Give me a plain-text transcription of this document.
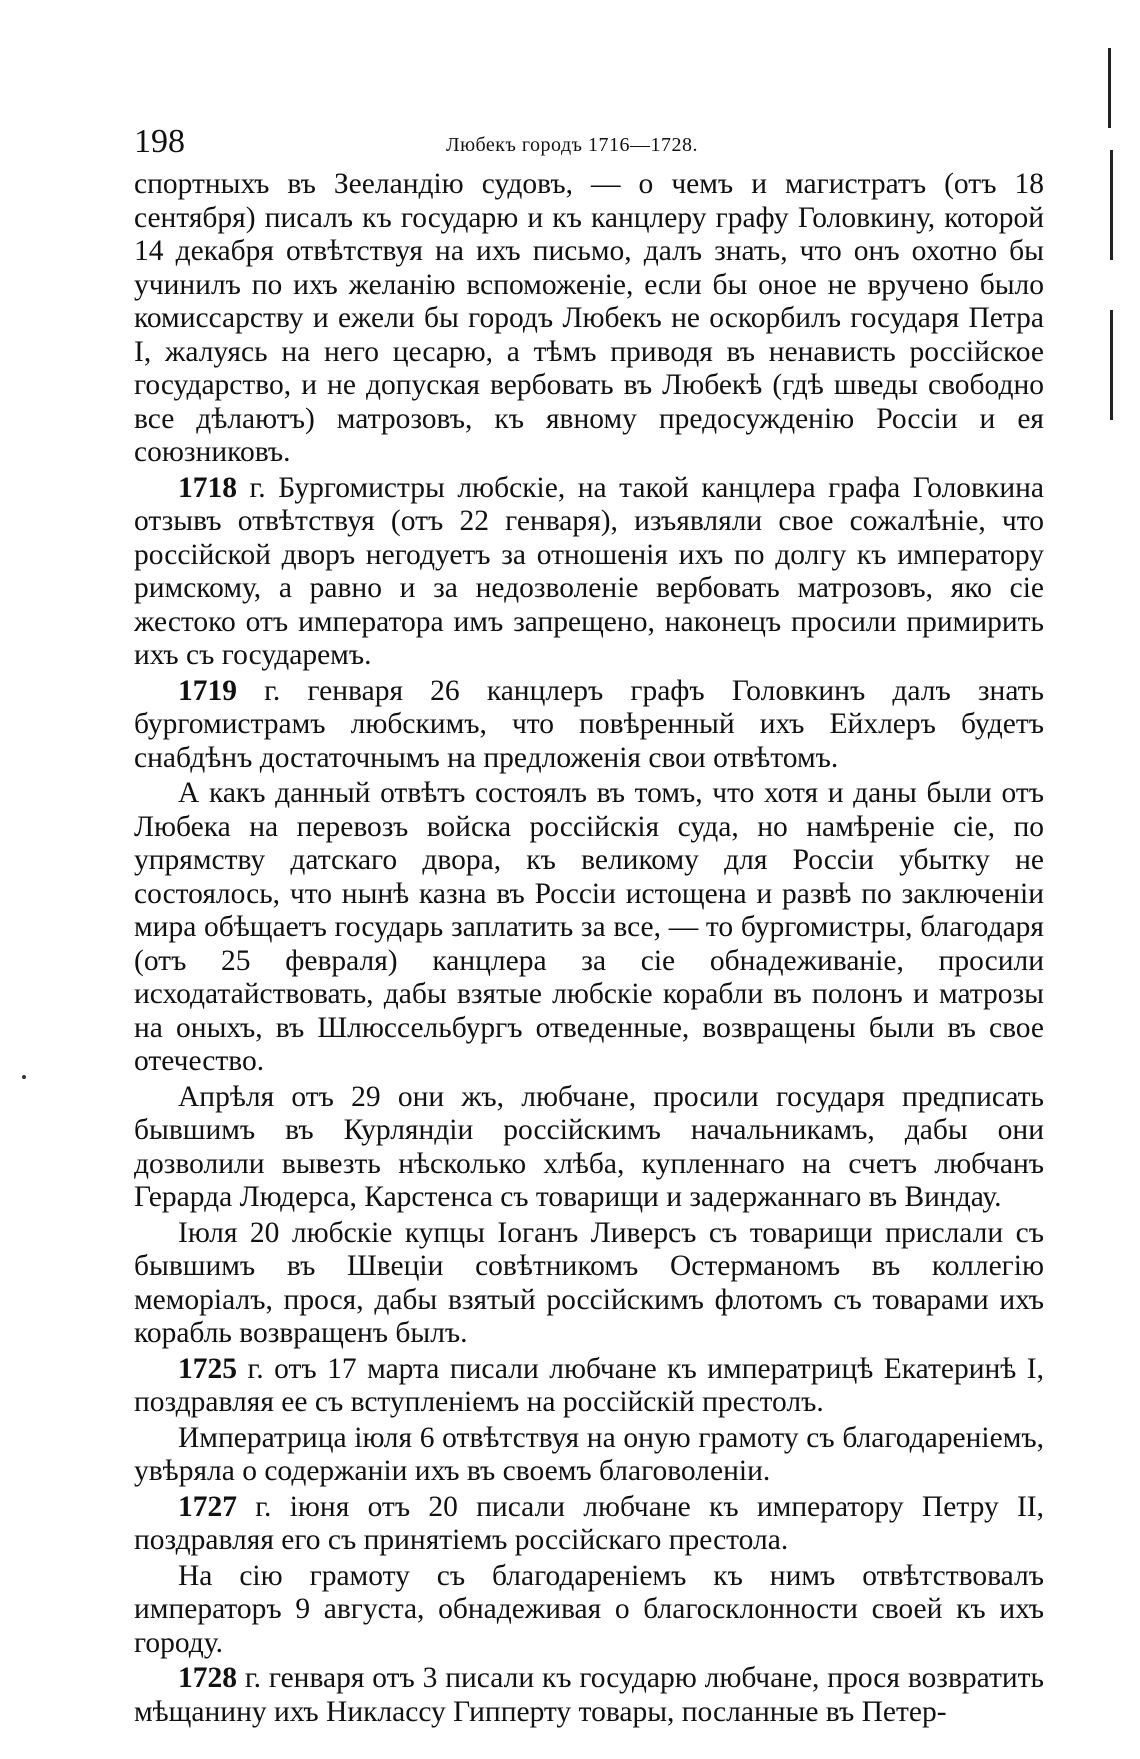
198	Любекъ городъ 1716—1728.

спортныхъ въ Зееландію судовъ, — о чемъ и магистратъ (отъ 18 сентября) писалъ къ государю и къ канцлеру графу Головкину, которой 14 декабря отвѣтствуя на ихъ письмо, далъ знать, что онъ охотно бы учинилъ по ихъ желанію вспоможеніе, если бы оное не вручено было комиссарству и ежели бы городъ Любекъ не оскорбилъ государя Петра I, жалуясь на него цесарю, а тѣмъ приводя въ ненависть россійское государство, и не допуская вербовать въ Любекѣ (гдѣ шведы свободно все дѣлаютъ) матрозовъ, къ явному предосужденію Россіи и ея союзниковъ.

1718 г. Бургомистры любскіе, на такой канцлера графа Головкина отзывъ отвѣтствуя (отъ 22 генваря), изъявляли свое сожалѣніе, что россійской дворъ негодуетъ за отношенія ихъ по долгу къ императору римскому, а равно и за недозволеніе вербовать матрозовъ, яко сіе жестоко отъ императора имъ запрещено, наконецъ просили примирить ихъ съ государемъ.

1719 г. генваря 26 канцлеръ графъ Головкинъ далъ знать бургомистрамъ любскимъ, что повѣренный ихъ Ейхлеръ будетъ снабдѣнъ достаточнымъ на предложенія свои отвѣтомъ.

А какъ данный отвѣтъ состоялъ въ томъ, что хотя и даны были отъ Любека на перевозъ войска россійскія суда, но намѣреніе сіе, по упрямству датскаго двора, къ великому для Россіи убытку не состоялось, что нынѣ казна въ Россіи истощена и развѣ по заключеніи мира обѣщаетъ государь заплатить за все, — то бургомистры, благодаря (отъ 25 февраля) канцлера за сіе обнадеживаніе, просили исходатайствовать, дабы взятые любскіе корабли въ полонъ и матрозы на оныхъ, въ Шлюссельбургъ отведенные, возвращены были въ свое отечество.

Апрѣля отъ 29 они жъ, любчане, просили государя предписать бывшимъ въ Курляндіи россійскимъ начальникамъ, дабы они дозволили вывезть нѣсколько хлѣба, купленнаго на счетъ любчанъ Герарда Людерса, Карстенса съ товарищи и задержаннаго въ Виндау.

Іюля 20 любскіе купцы Іоганъ Ливерсъ съ товарищи прислали съ бывшимъ въ Швеціи совѣтникомъ Остерманомъ въ коллегію меморіалъ, прося, дабы взятый россійскимъ флотомъ съ товарами ихъ корабль возвращенъ былъ.

1725 г. отъ 17 марта писали любчане къ императрицѣ Екатеринѣ I, поздравляя ее съ вступленіемъ на россійскій престолъ.

Императрица іюля 6 отвѣтствуя на оную грамоту съ благодареніемъ, увѣряла о содержаніи ихъ въ своемъ благоволеніи.

1727 г. іюня отъ 20 писали любчане къ императору Петру II, поздравляя его съ принятіемъ россійскаго престола.

На сію грамоту съ благодареніемъ къ нимъ отвѣтствовалъ императоръ 9 августа, обнадеживая о благосклонности своей къ ихъ городу.

1728 г. генваря отъ 3 писали къ государю любчане, прося возвратить мѣщанину ихъ Никлассу Гипперту товары, посланные въ Петер-
